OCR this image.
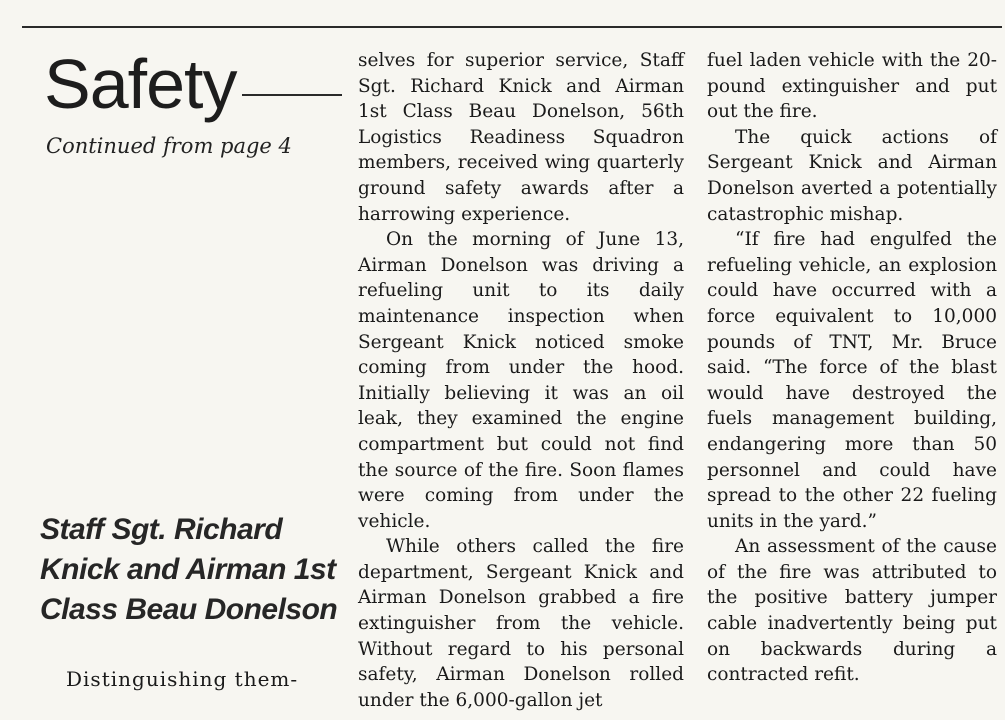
Safety

Continued from page 4

Staff Sgt. Richard Knick and Airman 1st Class Beau Donelson

Distinguishing them-

selves for superior service, Staff Sgt. Richard Knick and Airman 1st Class Beau Donelson, 56th Logistics Readiness Squadron members, received wing quarterly ground safety awards after a harrowing experience.

On the morning of June 13, Airman Donelson was driving a refueling unit to its daily maintenance inspection when Sergeant Knick noticed smoke coming from under the hood. Initially believing it was an oil leak, they examined the engine compartment but could not find the source of the fire. Soon flames were coming from under the vehicle.

While others called the fire department, Sergeant Knick and Airman Donelson grabbed a fire extinguisher from the vehicle. Without regard to his personal safety, Airman Donelson rolled under the 6,000-gallon jet

fuel laden vehicle with the 20-pound extinguisher and put out the fire.

The quick actions of Sergeant Knick and Airman Donelson averted a potentially catastrophic mishap.

“If fire had engulfed the refueling vehicle, an explosion could have occurred with a force equivalent to 10,000 pounds of TNT, Mr. Bruce said. “The force of the blast would have destroyed the fuels management building, endangering more than 50 personnel and could have spread to the other 22 fueling units in the yard.”

An assessment of the cause of the fire was attributed to the positive battery jumper cable inadvertently being put on backwards during a contracted refit.
